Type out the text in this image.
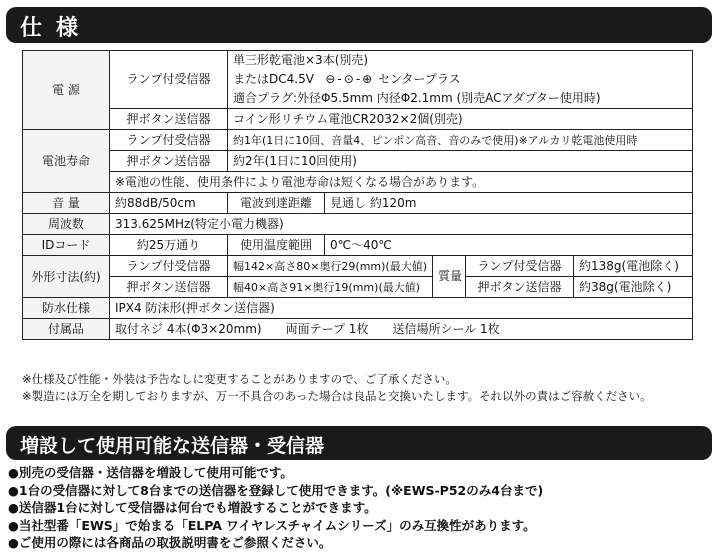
仕様
電 源	ランプ付受信器	単三形乾電池×3本(別売)
またはDC4.5V ⊖-⊙-⊕ センタープラス
適合プラグ:外径Φ5.5mm 内径Φ2.1mm (別売ACアダプター使用時)				

	押ボタン送信器	コイン形リチウム電池CR2032×2個(別売)				
電池寿命	ランプ付受信器	約1年(1日に10回、音量4、ピンポン高音、音のみで使用)※アルカリ乾電池使用時				
	押ボタン送信器	約2年(1日に10回使用)				
	※電池の性能、使用条件により電池寿命は短くなる場合があります。					
音 量	約88dB/50cm	電波到達距離	見通し 約120m			
周波数	313.625MHz(特定小電力機器)					
IDコード	約25万通り	使用温度範囲	0℃〜40℃			
外形寸法(約)	ランプ付受信器	幅142×高さ80×奥行29(mm)(最大値)		質量	ランプ付受信器	約138g(電池除く)
	押ボタン送信器	幅40×高さ91×奥行19(mm)(最大値)			押ボタン送信器	約38g(電池除く)
防水仕様	IPX4 防沫形(押ボタン送信器)					
付属品	取付ネジ 4本(Φ3×20mm)　　両面テープ 1枚　　送信場所シール 1枚					
※仕様及び性能・外装は予告なしに変更することがありますので、ご了承ください。
※製造には万全を期しておりますが、万一不具合のあった場合は良品と交換いたします。それ以外の責はご容赦ください。
増設して使用可能な送信器・受信器
●別売の受信器・送信器を増設して使用可能です。
●1台の受信器に対して8台までの送信器を登録して使用できます。(※EWS-P52のみ4台まで)
●送信器1台に対して受信器は何台でも増設することができます。
●当社型番「EWS」で始まる「ELPA ワイヤレスチャイムシリーズ」のみ互換性があります。
●ご使用の際には各商品の取扱説明書をご参照ください。
